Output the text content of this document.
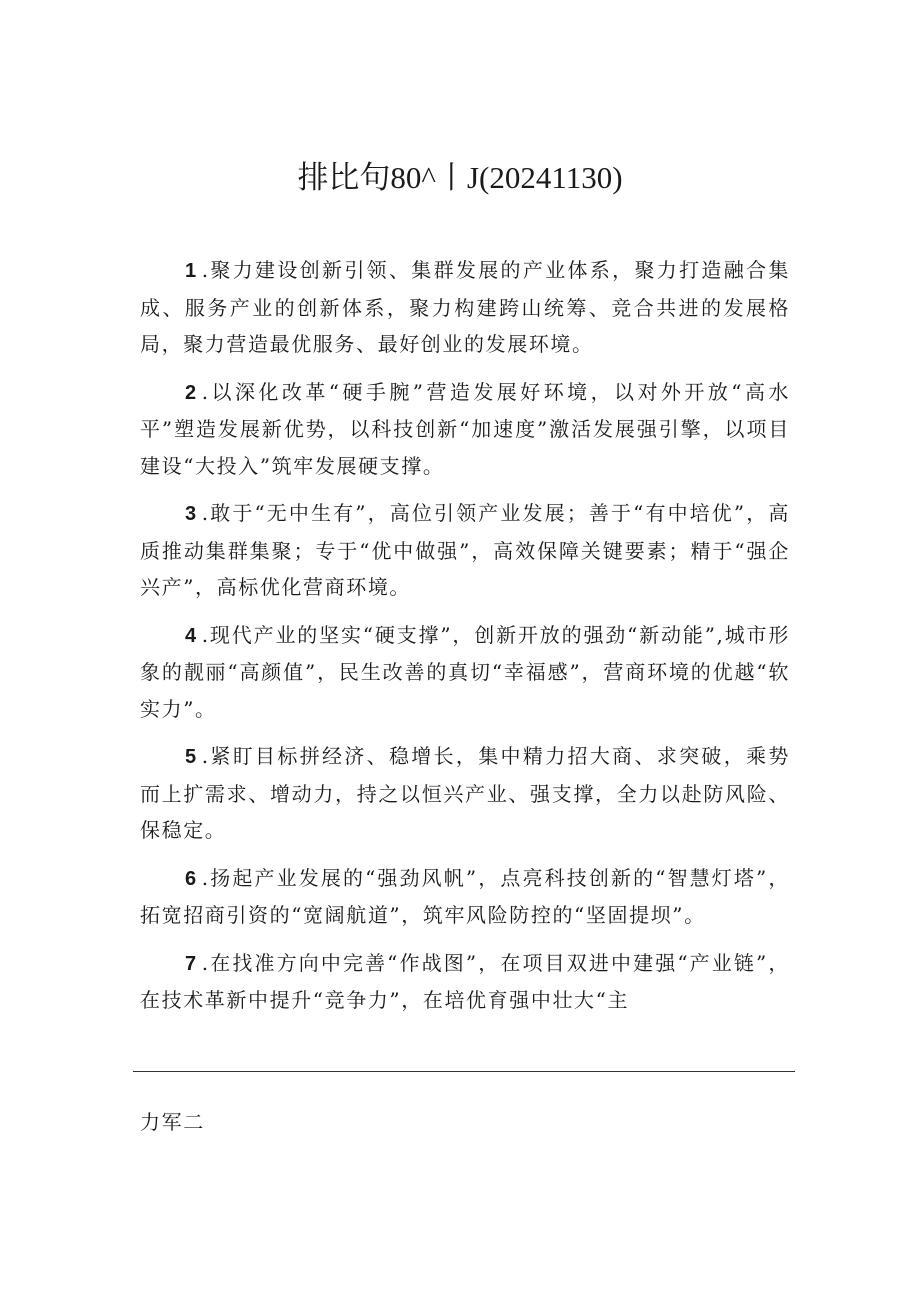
排比句80^丨J(20241130)

1 .聚力建设创新引领、集群发展的产业体系，聚力打造融合集成、服务产业的创新体系，聚力构建跨山统筹、竞合共进的发展格局，聚力营造最优服务、最好创业的发展环境。

2 .以深化改革“硬手腕”营造发展好环境，以对外开放“高水平”塑造发展新优势，以科技创新“加速度”激活发展强引擎，以项目建设“大投入”筑牢发展硬支撑。

3 .敢于“无中生有”，高位引领产业发展；善于“有中培优”，高质推动集群集聚；专于“优中做强”，高效保障关键要素；精于“强企兴产”，高标优化营商环境。

4 .现代产业的坚实“硬支撑”，创新开放的强劲“新动能”,城市形象的靓丽“高颜值”，民生改善的真切“幸福感”，营商环境的优越“软实力”。

5 .紧盯目标拼经济、稳增长，集中精力招大商、求突破，乘势而上扩需求、增动力，持之以恒兴产业、强支撑，全力以赴防风险、保稳定。

6 .扬起产业发展的“强劲风帆”，点亮科技创新的“智慧灯塔”，拓宽招商引资的“宽阔航道”，筑牢风险防控的“坚固提坝”。

7 .在找准方向中完善“作战图”，在项目双进中建强“产业链”，在技术革新中提升“竞争力”，在培优育强中壮大“主

力军二
